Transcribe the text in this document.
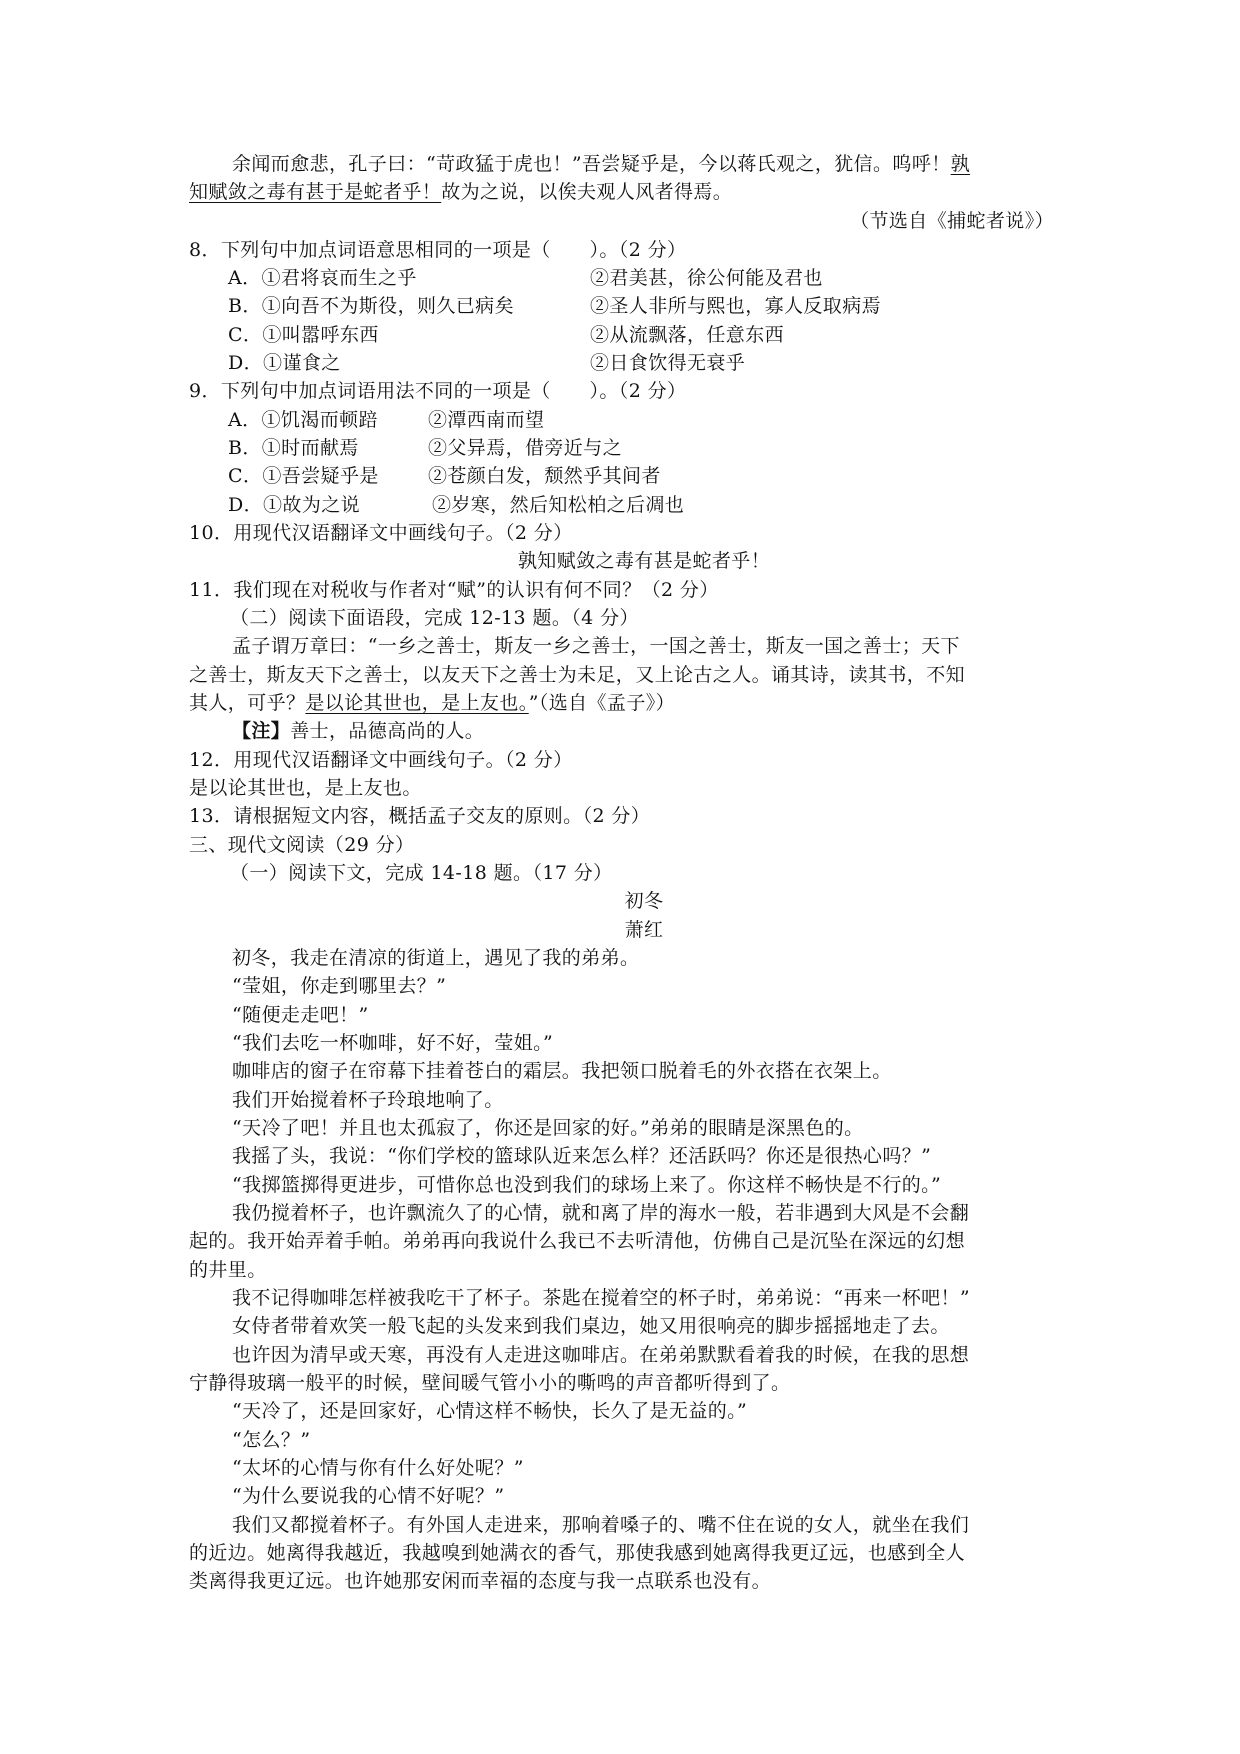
余闻而愈悲，孔子曰：“苛政猛于虎也！”吾尝疑乎是，今以蒋氏观之，犹信。呜呼！孰
知赋敛之毒有甚于是蛇者乎！故为之说，以俟夫观人风者得焉。
（节选自《捕蛇者说》）
8．下列句中加点词语意思相同的一项是（　　）。（2 分）
A．①君将哀而生之乎	②君美甚，徐公何能及君也
B．①向吾不为斯役，则久已病矣	②圣人非所与熙也，寡人反取病焉
C．①叫嚣呼东西	②从流飘落，任意东西
D．①谨食之	②日食饮得无衰乎
9．下列句中加点词语用法不同的一项是（　　）。（2 分）
A．①饥渴而顿踣	②潭西南而望
B．①时而献焉	②父异焉，借旁近与之
C．①吾尝疑乎是	②苍颜白发，颓然乎其间者
D．①故为之说	②岁寒，然后知松柏之后凋也
10．用现代汉语翻译文中画线句子。（2 分）
孰知赋敛之毒有甚是蛇者乎！
11．我们现在对税收与作者对“赋”的认识有何不同？（2 分）
（二）阅读下面语段，完成 12-13 题。（4 分）
孟子谓万章曰：“一乡之善士，斯友一乡之善士，一国之善士，斯友一国之善士；天下
之善士，斯友天下之善士，以友天下之善士为未足，又上论古之人。诵其诗，读其书，不知
其人，可乎？是以论其世也，是上友也。”（选自《孟子》）
【注】善士，品德高尚的人。
12．用现代汉语翻译文中画线句子。（2 分）
是以论其世也，是上友也。
13．请根据短文内容，概括孟子交友的原则。（2 分）
三、现代文阅读（29 分）
（一）阅读下文，完成 14-18 题。（17 分）
初冬
萧红
初冬，我走在清凉的街道上，遇见了我的弟弟。
“莹姐，你走到哪里去？”
“随便走走吧！”
“我们去吃一杯咖啡，好不好，莹姐。”
咖啡店的窗子在帘幕下挂着苍白的霜层。我把领口脱着毛的外衣搭在衣架上。
我们开始搅着杯子玲琅地响了。
“天冷了吧！并且也太孤寂了，你还是回家的好。”弟弟的眼睛是深黑色的。
我摇了头，我说：“你们学校的篮球队近来怎么样？还活跃吗？你还是很热心吗？”
“我掷篮掷得更进步，可惜你总也没到我们的球场上来了。你这样不畅快是不行的。”
我仍搅着杯子，也许飘流久了的心情，就和离了岸的海水一般，若非遇到大风是不会翻
起的。我开始弄着手帕。弟弟再向我说什么我已不去听清他，仿佛自己是沉坠在深远的幻想
的井里。
我不记得咖啡怎样被我吃干了杯子。茶匙在搅着空的杯子时，弟弟说：“再来一杯吧！”
女侍者带着欢笑一般飞起的头发来到我们桌边，她又用很响亮的脚步摇摇地走了去。
也许因为清早或天寒，再没有人走进这咖啡店。在弟弟默默看着我的时候，在我的思想
宁静得玻璃一般平的时候，壁间暖气管小小的嘶鸣的声音都听得到了。
“天冷了，还是回家好，心情这样不畅快，长久了是无益的。”
“怎么？”
“太坏的心情与你有什么好处呢？”
“为什么要说我的心情不好呢？”
我们又都搅着杯子。有外国人走进来，那响着嗓子的、嘴不住在说的女人，就坐在我们
的近边。她离得我越近，我越嗅到她满衣的香气，那使我感到她离得我更辽远，也感到全人
类离得我更辽远。也许她那安闲而幸福的态度与我一点联系也没有。
